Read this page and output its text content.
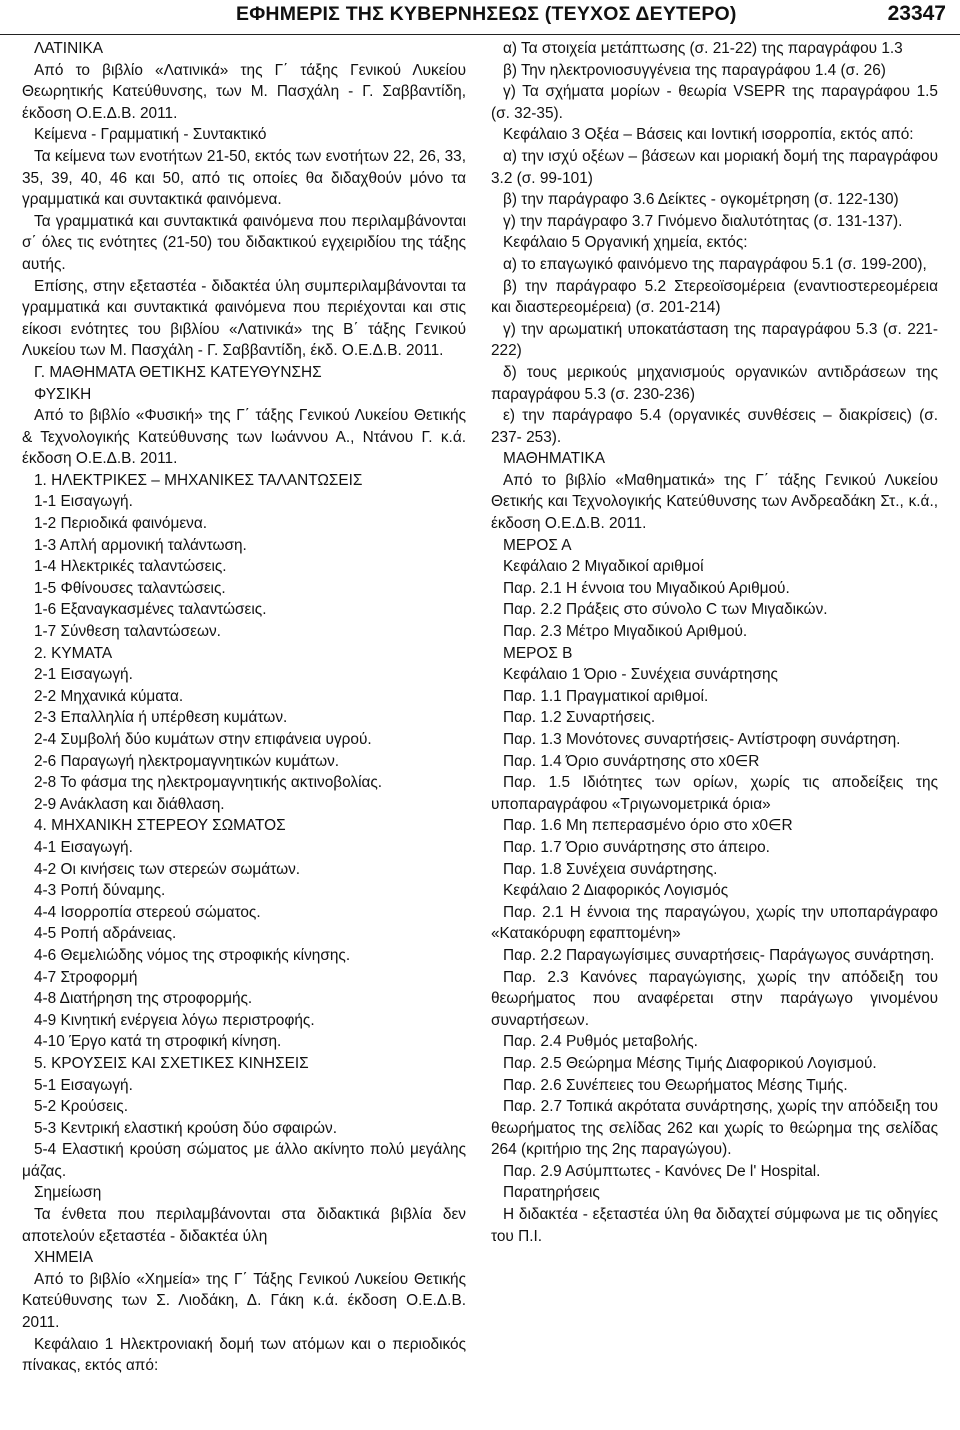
ΕΦΗΜΕΡΙΣ ΤΗΣ ΚΥΒΕΡΝΗΣΕΩΣ (ΤΕΥΧΟΣ ΔΕΥΤΕΡΟ)	23347

ΛΑΤΙΝΙΚΑ

Από το βιβλίο «Λατινικά» της Γ΄ τάξης Γενικού Λυκείου Θεωρητικής Κατεύθυνσης, των Μ. Πασχάλη - Γ. Σαββαντίδη, έκδοση Ο.Ε.Δ.Β. 2011.

Κείμενα - Γραμματική - Συντακτικό

Τα κείμενα των ενοτήτων 21-50, εκτός των ενοτήτων 22, 26, 33, 35, 39, 40, 46 και 50, από τις οποίες θα διδαχθούν μόνο τα γραμματικά και συντακτικά φαινόμενα.

Τα γραμματικά και συντακτικά φαινόμενα που περιλαμβάνονται σ΄ όλες τις ενότητες (21-50) του διδακτικού εγχειριδίου της τάξης αυτής.

Επίσης, στην εξεταστέα - διδακτέα ύλη συμπεριλαμβάνονται τα γραμματικά και συντακτικά φαινόμενα που περιέχονται και στις είκοσι ενότητες του βιβλίου «Λατινικά» της Β΄ τάξης Γενικού Λυκείου των Μ. Πασχάλη - Γ. Σαββαντίδη, έκδ. Ο.Ε.Δ.Β. 2011.

Γ. ΜΑΘΗΜΑΤΑ ΘΕΤΙΚΗΣ ΚΑΤΕΥΘΥΝΣΗΣ

ΦΥΣΙΚΗ

Από το βιβλίο «Φυσική» της Γ΄ τάξης Γενικού Λυκείου Θετικής & Τεχνολογικής Κατεύθυνσης των Ιωάννου Α., Ντάνου Γ. κ.ά. έκδοση Ο.Ε.Δ.Β. 2011.

1. ΗΛΕΚΤΡΙΚΕΣ – ΜΗΧΑΝΙΚΕΣ ΤΑΛΑΝΤΩΣΕΙΣ

1-1 Εισαγωγή.

1-2 Περιοδικά φαινόμενα.

1-3 Απλή αρμονική ταλάντωση.

1-4 Ηλεκτρικές ταλαντώσεις.

1-5 Φθίνουσες ταλαντώσεις.

1-6 Εξαναγκασμένες ταλαντώσεις.

1-7 Σύνθεση ταλαντώσεων.

2. ΚΥΜΑΤΑ

2-1 Εισαγωγή.

2-2 Μηχανικά κύματα.

2-3 Επαλληλία ή υπέρθεση κυμάτων.

2-4 Συμβολή δύο κυμάτων στην επιφάνεια υγρού.

2-6 Παραγωγή ηλεκτρομαγνητικών κυμάτων.

2-8 Το φάσμα της ηλεκτρομαγνητικής ακτινοβολίας.

2-9 Ανάκλαση και διάθλαση.

4. ΜΗΧΑΝΙΚΗ ΣΤΕΡΕΟΥ ΣΩΜΑΤΟΣ

4-1 Εισαγωγή.

4-2 Οι κινήσεις των στερεών σωμάτων.

4-3 Ροπή δύναμης.

4-4 Ισορροπία στερεού σώματος.

4-5 Ροπή αδράνειας.

4-6 Θεμελιώδης νόμος της στροφικής κίνησης.

4-7 Στροφορμή

4-8 Διατήρηση της στροφορμής.

4-9 Κινητική ενέργεια λόγω περιστροφής.

4-10 Έργο κατά τη στροφική κίνηση.

5. ΚΡΟΥΣΕΙΣ ΚΑΙ ΣΧΕΤΙΚΕΣ ΚΙΝΗΣΕΙΣ

5-1 Εισαγωγή.

5-2 Κρούσεις.

5-3 Κεντρική ελαστική κρούση δύο σφαιρών.

5-4 Ελαστική κρούση σώματος με άλλο ακίνητο πολύ μεγάλης μάζας.

Σημείωση

Τα ένθετα που περιλαμβάνονται στα διδακτικά βιβλία δεν αποτελούν εξεταστέα - διδακτέα ύλη

ΧΗΜΕΙΑ

Από το βιβλίο «Χημεία» της Γ΄ Τάξης Γενικού Λυκείου Θετικής Κατεύθυνσης των Σ. Λιοδάκη, Δ. Γάκη κ.ά. έκδοση Ο.Ε.Δ.Β. 2011.

Κεφάλαιο 1 Ηλεκτρονιακή δομή των ατόμων και ο περιοδικός πίνακας, εκτός από:

α) Τα στοιχεία μετάπτωσης (σ. 21-22) της παραγράφου 1.3

β) Την ηλεκτρονιοσυγγένεια της παραγράφου 1.4 (σ. 26)

γ) Τα σχήματα μορίων - θεωρία VSEPR της παραγράφου 1.5 (σ. 32-35).

Κεφάλαιο 3 Οξέα – Βάσεις και Ιοντική ισορροπία, εκτός από:

α) την ισχύ οξέων – βάσεων και μοριακή δομή της παραγράφου 3.2 (σ. 99-101)

β) την παράγραφο 3.6 Δείκτες - ογκομέτρηση (σ. 122-130)

γ) την παράγραφο 3.7 Γινόμενο διαλυτότητας (σ. 131-137).

Κεφάλαιο 5 Οργανική χημεία, εκτός:

α) το επαγωγικό φαινόμενο της παραγράφου 5.1 (σ. 199-200),

β) την παράγραφο 5.2 Στερεοϊσομέρεια (εναντιοστερεομέρεια και διαστερεομέρεια) (σ. 201-214)

γ) την αρωματική υποκατάσταση της παραγράφου 5.3 (σ. 221-222)

δ) τους μερικούς μηχανισμούς οργανικών αντιδράσεων της παραγράφου 5.3 (σ. 230-236)

ε) την παράγραφο 5.4 (οργανικές συνθέσεις – διακρίσεις) (σ. 237- 253).

ΜΑΘΗΜΑΤΙΚΑ

Από το βιβλίο «Μαθηματικά» της Γ΄ τάξης Γενικού Λυκείου Θετικής και Τεχνολογικής Κατεύθυνσης των Ανδρεαδάκη Στ., κ.ά., έκδοση Ο.Ε.Δ.Β. 2011.

ΜΕΡΟΣ Α

Κεφάλαιο 2 Μιγαδικοί αριθμοί

Παρ. 2.1 Η έννοια του Μιγαδικού Αριθμού.

Παρ. 2.2 Πράξεις στο σύνολο C των Μιγαδικών.

Παρ. 2.3 Μέτρο Μιγαδικού Αριθμού.

ΜΕΡΟΣ Β

Κεφάλαιο 1 Όριο - Συνέχεια συνάρτησης

Παρ. 1.1 Πραγματικοί αριθμοί.

Παρ. 1.2 Συναρτήσεις.

Παρ. 1.3 Μονότονες συναρτήσεις- Αντίστροφη συνάρτηση.

Παρ. 1.4 Όριο συνάρτησης στο x0∈R

Παρ. 1.5 Ιδιότητες των ορίων, χωρίς τις αποδείξεις της υποπαραγράφου «Τριγωνομετρικά όρια»

Παρ. 1.6 Μη πεπερασμένο όριο στο x0∈R

Παρ. 1.7 Όριο συνάρτησης στο άπειρο.

Παρ. 1.8 Συνέχεια συνάρτησης.

Κεφάλαιο 2 Διαφορικός Λογισμός

Παρ. 2.1 Η έννοια της παραγώγου, χωρίς την υποπαράγραφο «Κατακόρυφη εφαπτομένη»

Παρ. 2.2 Παραγωγίσιμες συναρτήσεις- Παράγωγος συνάρτηση.

Παρ. 2.3 Κανόνες παραγώγισης, χωρίς την απόδειξη του θεωρήματος που αναφέρεται στην παράγωγο γινομένου συναρτήσεων.

Παρ. 2.4 Ρυθμός μεταβολής.

Παρ. 2.5 Θεώρημα Μέσης Τιμής Διαφορικού Λογισμού.

Παρ. 2.6 Συνέπειες του Θεωρήματος Μέσης Τιμής.

Παρ. 2.7 Τοπικά ακρότατα συνάρτησης, χωρίς την απόδειξη του θεωρήματος της σελίδας 262 και χωρίς το θεώρημα της σελίδας 264 (κριτήριο της 2ης παραγώγου).

Παρ. 2.9 Ασύμπτωτες - Κανόνες De l' Hospital.

Παρατηρήσεις

Η διδακτέα - εξεταστέα ύλη θα διδαχτεί σύμφωνα με τις οδηγίες του Π.Ι.
